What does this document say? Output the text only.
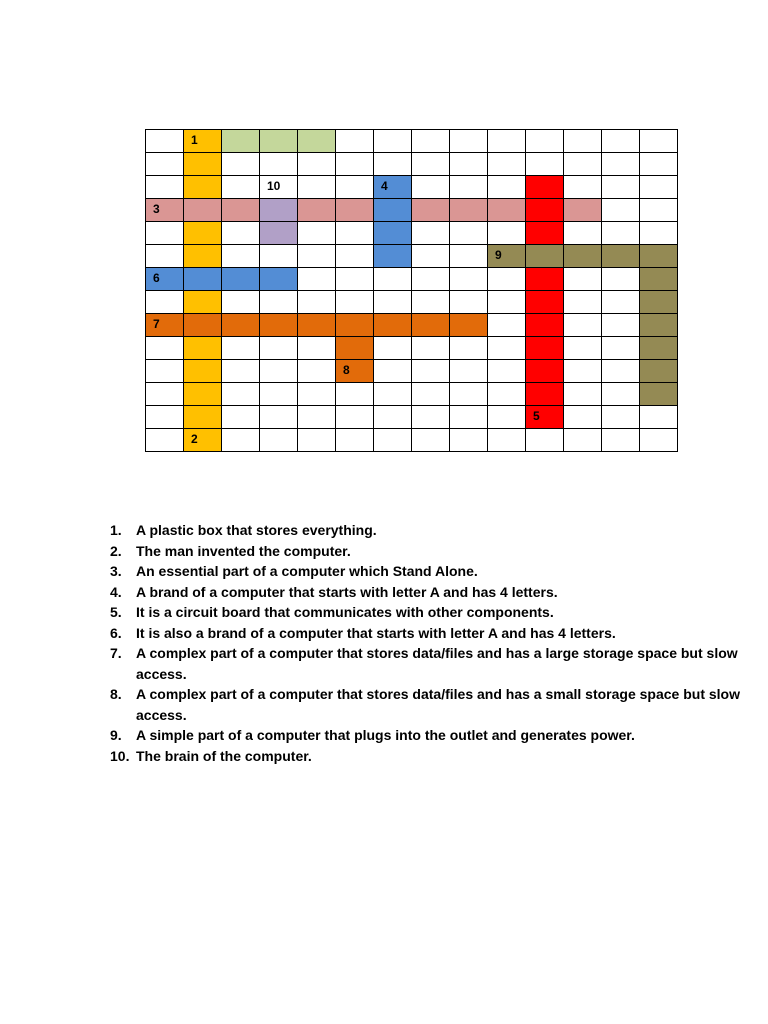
	1												

			10			4							

3													

									9				

6													

7													

					8								

										5			

	2												

1. A plastic box that stores everything.
2. The man invented the computer.
3. An essential part of a computer which Stand Alone.
4. A brand of a computer that starts with letter A and has 4 letters.
5. It is a circuit board that communicates with other components.
6. It is also a brand of a computer that starts with letter A and has 4 letters.
7. A complex part of a computer that stores data/files and has a large storage space but slow access.
8. A complex part of a computer that stores data/files and has a small storage space but slow access.
9. A simple part of a computer that plugs into the outlet and generates power.
10. The brain of the computer.
